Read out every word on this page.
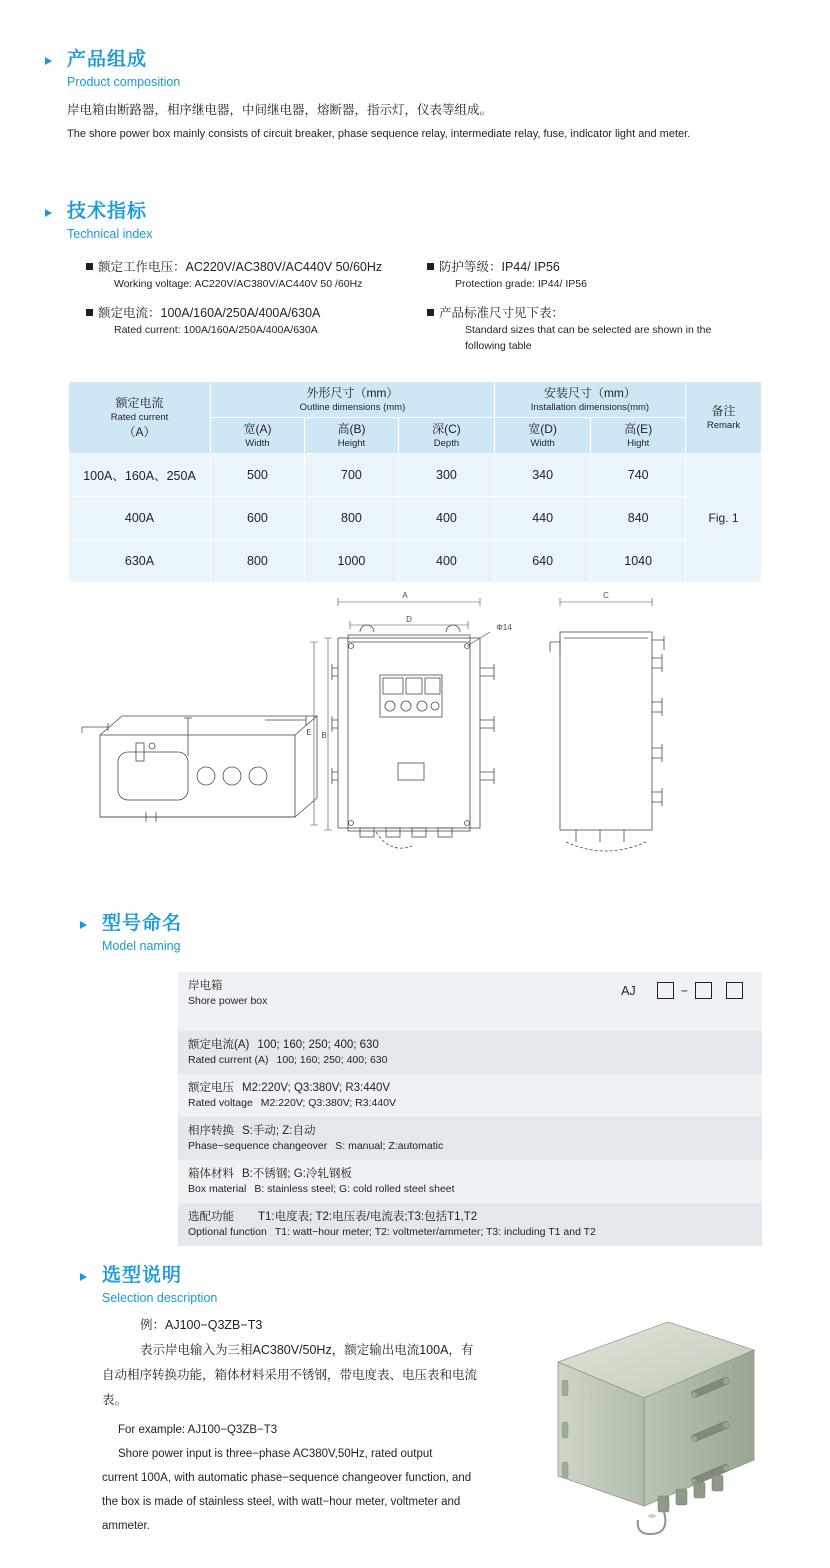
产品组成
Product composition
岸电箱由断路器，相序继电器，中间继电器，熔断器，指示灯，仪表等组成。
The shore power box mainly consists of circuit breaker, phase sequence relay, intermediate relay, fuse, indicator light and meter.
技术指标
Technical index
额定工作电压：AC220V/AC380V/AC440V 50/60Hz
Working voltage: AC220V/AC380V/AC440V 50 /60Hz
额定电流：100A/160A/250A/400A/630A
Rated current: 100A/160A/250A/400A/630A
防护等级：IP44/ IP56
Protection grade: IP44/ IP56
产品标准尺寸见下表：
Standard sizes that can be selected are shown in the
following table
额定电流
Rated current
（A）	外形尺寸（mm）
Outline dimensions (mm)			安装尺寸（mm）
Installation dimensions(mm)		备注
Remark

	宽(A)
Width	高(B)
Height	深(C)
Depth	宽(D)
Width	高(E)
Hight	

100A、160A、250A	500	700	300	340	740	Fig. 1
400A	600	800	400	440	840	
630A	800	1000	400	640	1040	
A
D
B
E
C
Φ14
型号命名
Model naming
岸电箱
Shore power box
AJ	−
额定电流(A) 100; 160; 250; 400; 630
Rated current (A) 100; 160; 250; 400; 630
额定电压 M2:220V; Q3:380V; R3:440V
Rated voltage M2:220V; Q3:380V; R3:440V
相序转换 S:手动; Z:自动
Phase−sequence changeover S: manual; Z:automatic
箱体材料 B:不锈钢; G:冷轧钢板
Box material B: stainless steel; G: cold rolled steel sheet
选配功能 T1:电度表; T2:电压表/电流表;T3:包括T1,T2
Optional function T1: watt−hour meter; T2: voltmeter/ammeter; T3: including T1 and T2
选型说明
Selection description
例：AJ100−Q3ZB−T3
表示岸电输入为三相AC380V/50Hz，额定输出电流100A，有
自动相序转换功能，箱体材料采用不锈钢，带电度表、电压表和电流
表。
For example: AJ100−Q3ZB−T3
Shore power input is three−phase AC380V,50Hz, rated output
current 100A, with automatic phase−sequence changeover function, and
the box is made of stainless steel, with watt−hour meter, voltmeter and
ammeter.
